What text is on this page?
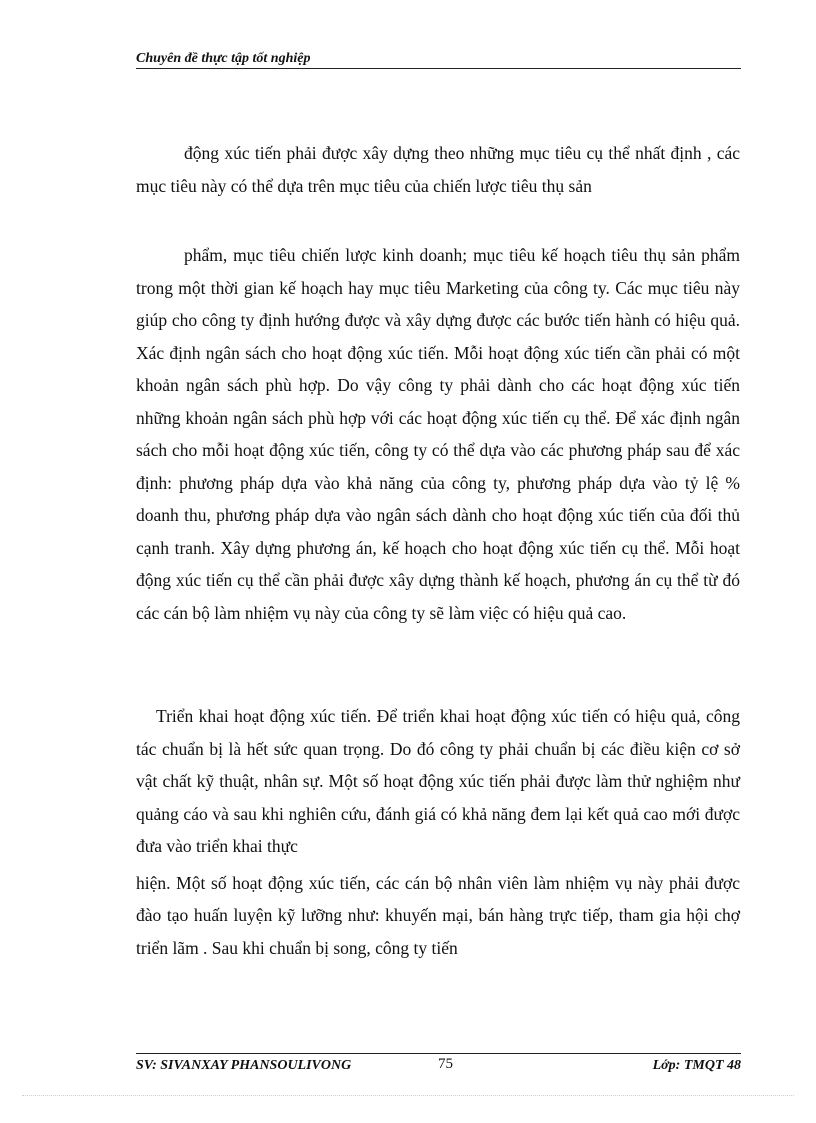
Chuyên đề thực tập tốt nghiệp
động xúc tiến phải được xây dựng theo những mục tiêu cụ thể nhất định , các mục tiêu này có thể dựa trên mục tiêu của chiến lược tiêu thụ sản
phẩm, mục tiêu chiến lược kinh doanh; mục tiêu kế hoạch tiêu thụ sản phẩm trong một thời gian kế hoạch hay mục tiêu Marketing của công ty. Các mục tiêu này giúp cho công ty định hướng được và xây dựng được các bước tiến hành có hiệu quả. Xác định ngân sách cho hoạt động xúc tiến. Mỗi hoạt động xúc tiến cần phải có một khoản ngân sách phù hợp. Do vậy công ty phải dành cho các hoạt động xúc tiến những khoản ngân sách phù hợp với các hoạt động xúc tiến cụ thể. Để xác định ngân sách cho mỗi hoạt động xúc tiến, công ty có thể dựa vào các phương pháp sau để xác định: phương pháp dựa vào khả năng của công ty, phương pháp dựa vào tỷ lệ % doanh thu, phương pháp dựa vào ngân sách dành cho hoạt động xúc tiến của đối thủ cạnh tranh. Xây dựng phương án, kế hoạch cho hoạt động xúc tiến cụ thể. Mỗi hoạt động xúc tiến cụ thể cần phải được xây dựng thành kế hoạch, phương án cụ thể từ đó các cán bộ làm nhiệm vụ này của công ty sẽ làm việc có hiệu quả cao.
Triển khai hoạt động xúc tiến. Để triển khai hoạt động xúc tiến có hiệu quả, công tác chuẩn bị là hết sức quan trọng. Do đó công ty phải chuẩn bị các điều kiện cơ sở vật chất kỹ thuật, nhân sự. Một số hoạt động xúc tiến phải được làm thử nghiệm như quảng cáo và sau khi nghiên cứu, đánh giá có khả năng đem lại kết quả cao mới được đưa vào triển khai thực
hiện. Một số hoạt động xúc tiến, các cán bộ nhân viên làm nhiệm vụ này phải được đào tạo huấn luyện kỹ lưỡng như: khuyến mại, bán hàng trực tiếp, tham gia hội chợ triển lãm . Sau khi chuẩn bị song, công ty tiến
SV: SIVANXAY PHANSOULIVONG	75	Lớp: TMQT 48
